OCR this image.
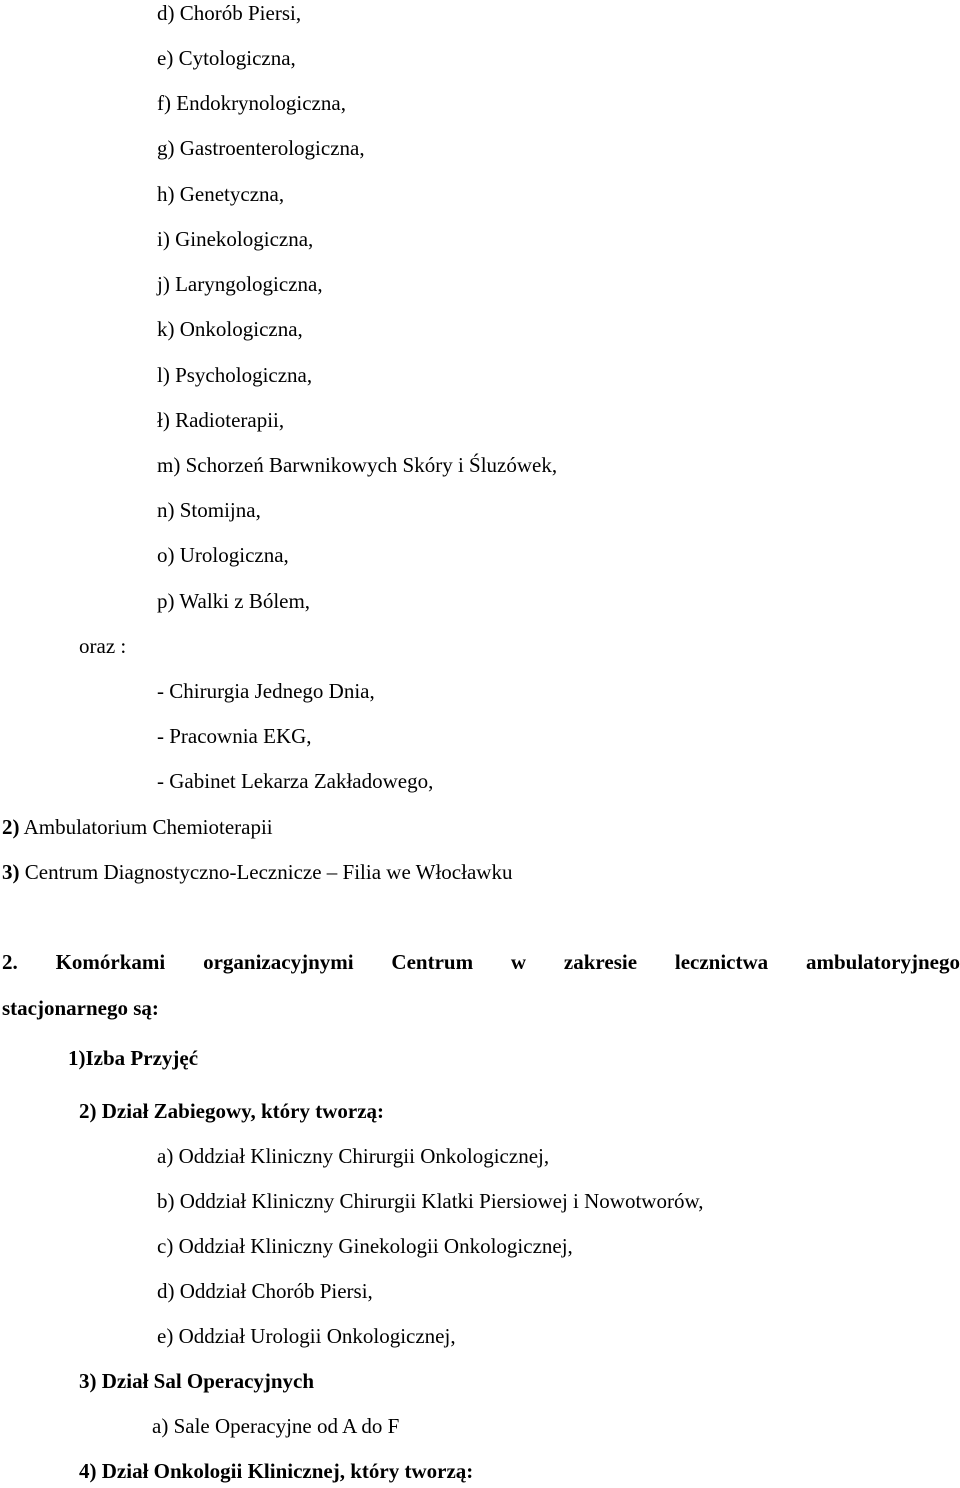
d) Chorób Piersi,
e) Cytologiczna,
f) Endokrynologiczna,
g) Gastroenterologiczna,
h) Genetyczna,
i) Ginekologiczna,
j) Laryngologiczna,
k) Onkologiczna,
l) Psychologiczna,
ł) Radioterapii,
m) Schorzeń Barwnikowych Skóry i Śluzówek,
n) Stomijna,
o) Urologiczna,
p) Walki z Bólem,
oraz :
- Chirurgia Jednego Dnia,
- Pracownia EKG,
- Gabinet Lekarza Zakładowego,
2) Ambulatorium Chemioterapii
3) Centrum Diagnostyczno-Lecznicze – Filia we Włocławku
2. Komórkami organizacyjnymi Centrum w zakresie lecznictwa ambulatoryjnego
stacjonarnego są:
1)Izba Przyjęć
2) Dział Zabiegowy, który tworzą:
a) Oddział Kliniczny Chirurgii Onkologicznej,
b) Oddział Kliniczny Chirurgii Klatki Piersiowej i Nowotworów,
c) Oddział Kliniczny Ginekologii Onkologicznej,
d) Oddział Chorób Piersi,
e) Oddział Urologii Onkologicznej,
3) Dział Sal Operacyjnych
a) Sale Operacyjne od A do F
4) Dział Onkologii Klinicznej, który tworzą:
